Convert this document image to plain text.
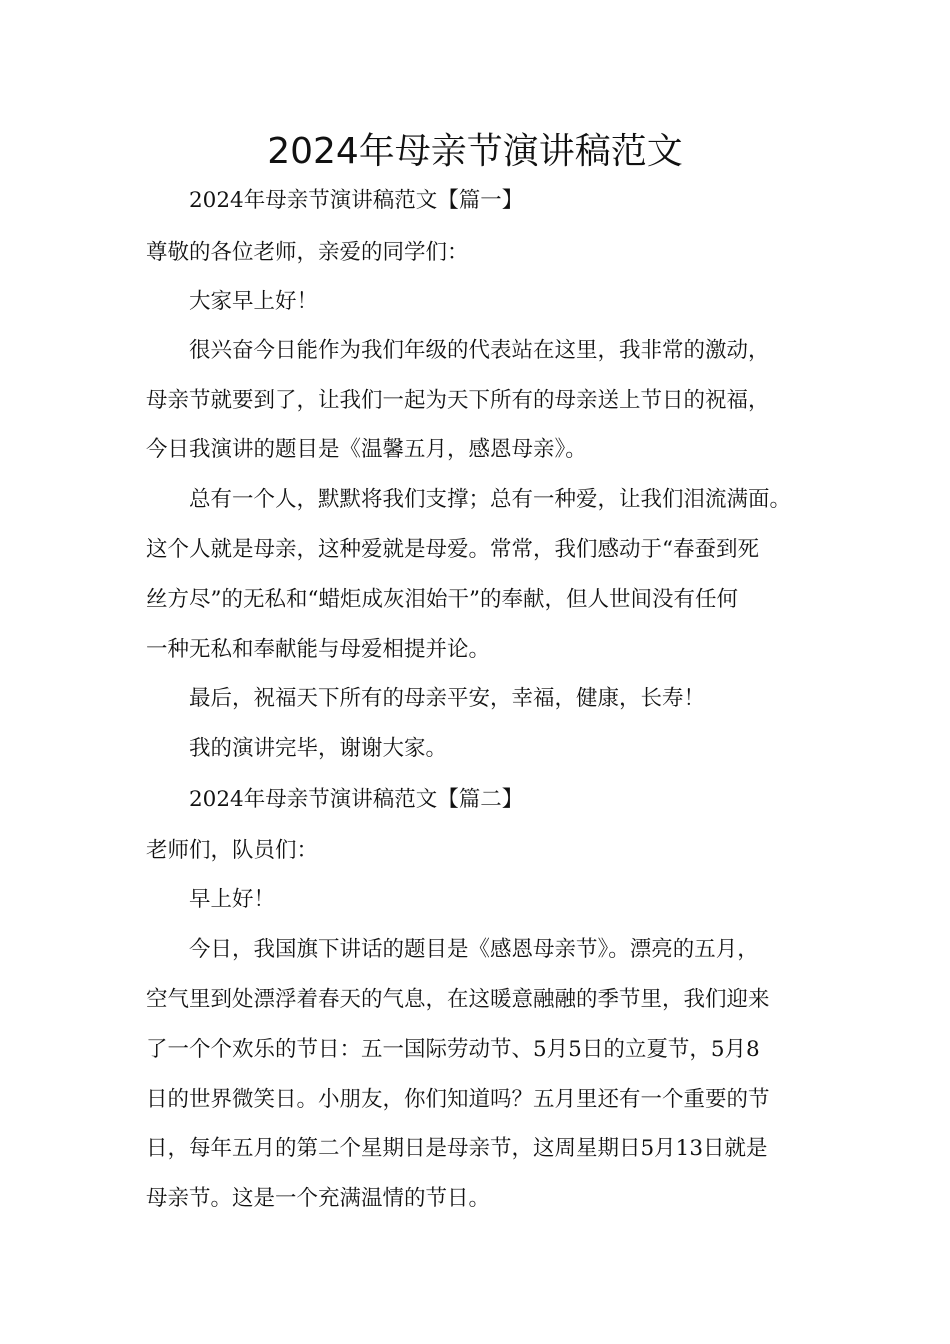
2024年母亲节演讲稿范文
2024年母亲节演讲稿范文【篇一】
尊敬的各位老师，亲爱的同学们：
大家早上好！
很兴奋今日能作为我们年级的代表站在这里，我非常的激动，
母亲节就要到了，让我们一起为天下所有的母亲送上节日的祝福，
今日我演讲的题目是《温馨五月，感恩母亲》。
总有一个人，默默将我们支撑；总有一种爱，让我们泪流满面。
这个人就是母亲，这种爱就是母爱。常常，我们感动于“春蚕到死
丝方尽”的无私和“蜡炬成灰泪始干”的奉献，但人世间没有任何
一种无私和奉献能与母爱相提并论。
最后，祝福天下所有的母亲平安，幸福，健康，长寿！
我的演讲完毕，谢谢大家。
2024年母亲节演讲稿范文【篇二】
老师们，队员们：
早上好！
今日，我国旗下讲话的题目是《感恩母亲节》。漂亮的五月，
空气里到处漂浮着春天的气息，在这暖意融融的季节里，我们迎来
了一个个欢乐的节日：五一国际劳动节、5月5日的立夏节，5月8
日的世界微笑日。小朋友，你们知道吗？五月里还有一个重要的节
日，每年五月的第二个星期日是母亲节，这周星期日5月13日就是
母亲节。这是一个充满温情的节日。
